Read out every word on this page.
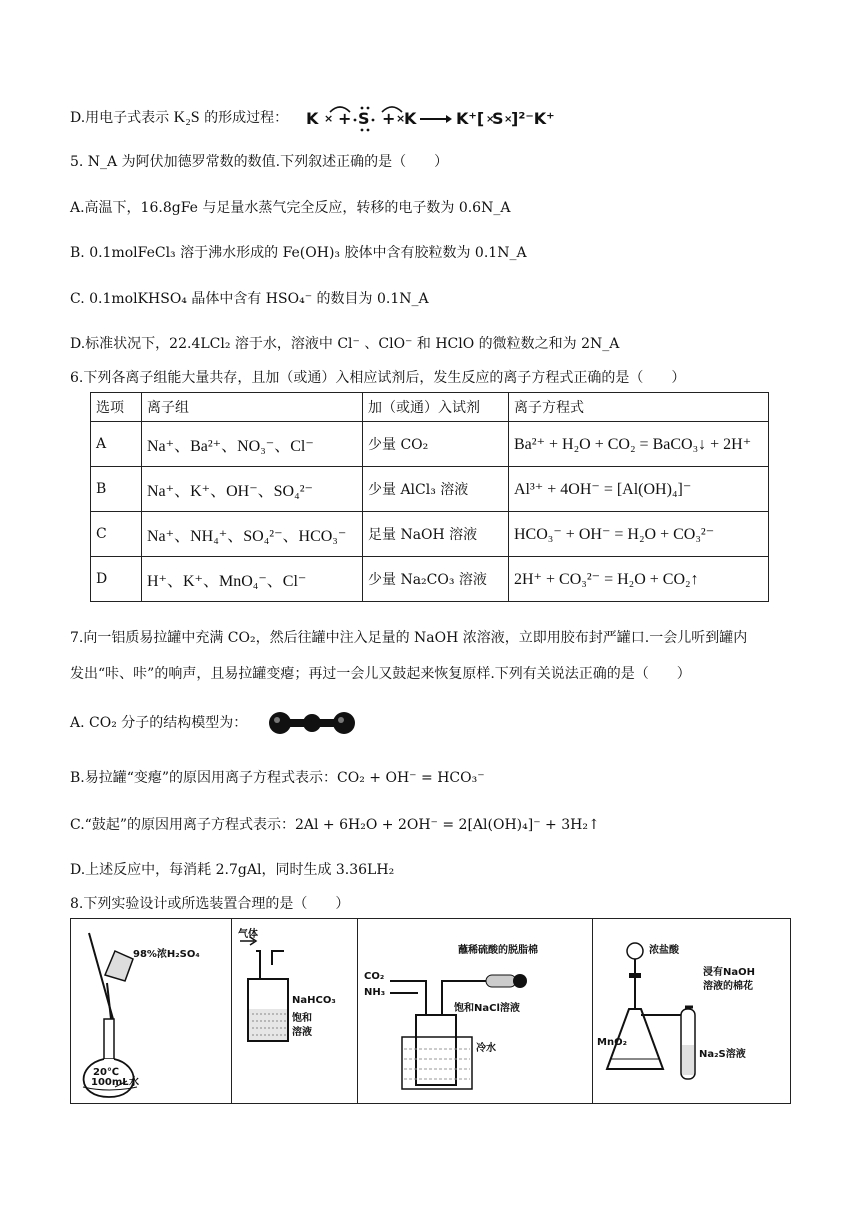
D.用电子式表示 K₂S 的形成过程： K × + S + ×
K K⁺[ ×
S ×
]²⁻K⁺
5. N_A 为阿伏加德罗常数的数值.下列叙述正确的是（　　）
A.高温下，16.8gFe 与足量水蒸气完全反应，转移的电子数为 0.6N_A
B. 0.1molFeCl₃ 溶于沸水形成的 Fe(OH)₃ 胶体中含有胶粒数为 0.1N_A
C. 0.1molKHSO₄ 晶体中含有 HSO₄⁻ 的数目为 0.1N_A
D.标准状况下，22.4LCl₂ 溶于水，溶液中 Cl⁻ 、ClO⁻ 和 HClO 的微粒数之和为 2N_A
6.下列各离子组能大量共存，且加（或通）入相应试剂后，发生反应的离子方程式正确的是（　　）
选项	离子组	加（或通）入试剂	离子方程式
A	Na⁺、Ba²⁺、NO₃⁻、Cl⁻	少量 CO₂	Ba²⁺ + H₂O + CO₂ = BaCO₃↓ + 2H⁺
B	Na⁺、K⁺、OH⁻、SO₄²⁻	少量 AlCl₃ 溶液	Al³⁺ + 4OH⁻ = [Al(OH)₄]⁻
C	Na⁺、NH₄⁺、SO₄²⁻、HCO₃⁻	足量 NaOH 溶液	HCO₃⁻ + OH⁻ = H₂O + CO₃²⁻
D	H⁺、K⁺、MnO₄⁻、Cl⁻	少量 Na₂CO₃ 溶液	2H⁺ + CO₃²⁻ = H₂O + CO₂↑
7.向一铝质易拉罐中充满 CO₂，然后往罐中注入足量的 NaOH 浓溶液，立即用胶布封严罐口.一会儿听到罐内
发出“咔、咔”的响声，且易拉罐变瘪；再过一会儿又鼓起来恢复原样.下列有关说法正确的是（　　）
A. CO₂ 分子的结构模型为：
B.易拉罐“变瘪”的原因用离子方程式表示：CO₂ + OH⁻ = HCO₃⁻
C.“鼓起”的原因用离子方程式表示：2Al + 6H₂O + 2OH⁻ = 2[Al(OH)₄]⁻ + 3H₂↑
D.上述反应中，每消耗 2.7gAl，同时生成 3.36LH₂
8.下列实验设计或所选装置合理的是（　　）
98%浓H₂SO₄
20℃
100mL 水
气体
NaHCO₃
饱和
溶液
CO₂
NH₃
蘸稀硫酸的脱脂棉
饱和NaCl溶液
冷水
浓盐酸
浸有NaOH
溶液的棉花
MnO₂
Na₂S溶液
